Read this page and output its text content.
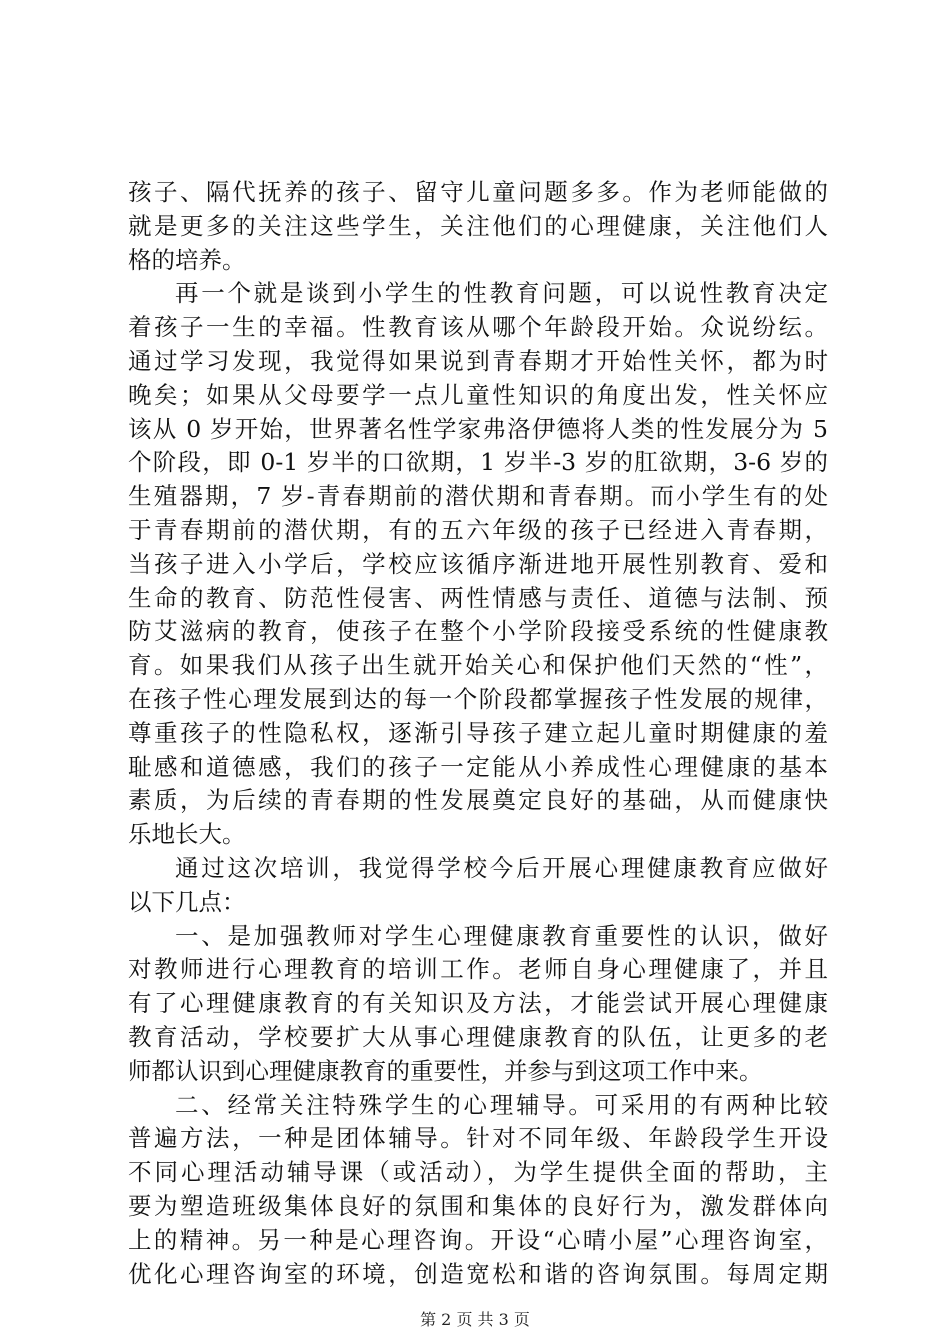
孩子、隔代抚养的孩子、留守儿童问题多多。作为老师能做的
就是更多的关注这些学生，关注他们的心理健康，关注他们人
格的培养。
再一个就是谈到小学生的性教育问题，可以说性教育决定
着孩子一生的幸福。性教育该从哪个年龄段开始。众说纷纭。
通过学习发现，我觉得如果说到青春期才开始性关怀，都为时
晚矣；如果从父母要学一点儿童性知识的角度出发，性关怀应
该从 0 岁开始，世界著名性学家弗洛伊德将人类的性发展分为 5
个阶段，即 0-1 岁半的口欲期，1 岁半-3 岁的肛欲期，3-6 岁的
生殖器期，7 岁-青春期前的潜伏期和青春期。而小学生有的处
于青春期前的潜伏期，有的五六年级的孩子已经进入青春期，
当孩子进入小学后，学校应该循序渐进地开展性别教育、爱和
生命的教育、防范性侵害、两性情感与责任、道德与法制、预
防艾滋病的教育，使孩子在整个小学阶段接受系统的性健康教
育。如果我们从孩子出生就开始关心和保护他们天然的“性”，
在孩子性心理发展到达的每一个阶段都掌握孩子性发展的规律，
尊重孩子的性隐私权，逐渐引导孩子建立起儿童时期健康的羞
耻感和道德感，我们的孩子一定能从小养成性心理健康的基本
素质，为后续的青春期的性发展奠定良好的基础，从而健康快
乐地长大。
通过这次培训，我觉得学校今后开展心理健康教育应做好
以下几点：
一、是加强教师对学生心理健康教育重要性的认识，做好
对教师进行心理教育的培训工作。老师自身心理健康了，并且
有了心理健康教育的有关知识及方法，才能尝试开展心理健康
教育活动，学校要扩大从事心理健康教育的队伍，让更多的老
师都认识到心理健康教育的重要性，并参与到这项工作中来。
二、经常关注特殊学生的心理辅导。可采用的有两种比较
普遍方法，一种是团体辅导。针对不同年级、年龄段学生开设
不同心理活动辅导课（或活动），为学生提供全面的帮助，主
要为塑造班级集体良好的氛围和集体的良好行为，激发群体向
上的精神。另一种是心理咨询。开设“心晴小屋”心理咨询室，
优化心理咨询室的环境，创造宽松和谐的咨询氛围。每周定期
第 2 页 共 3 页
